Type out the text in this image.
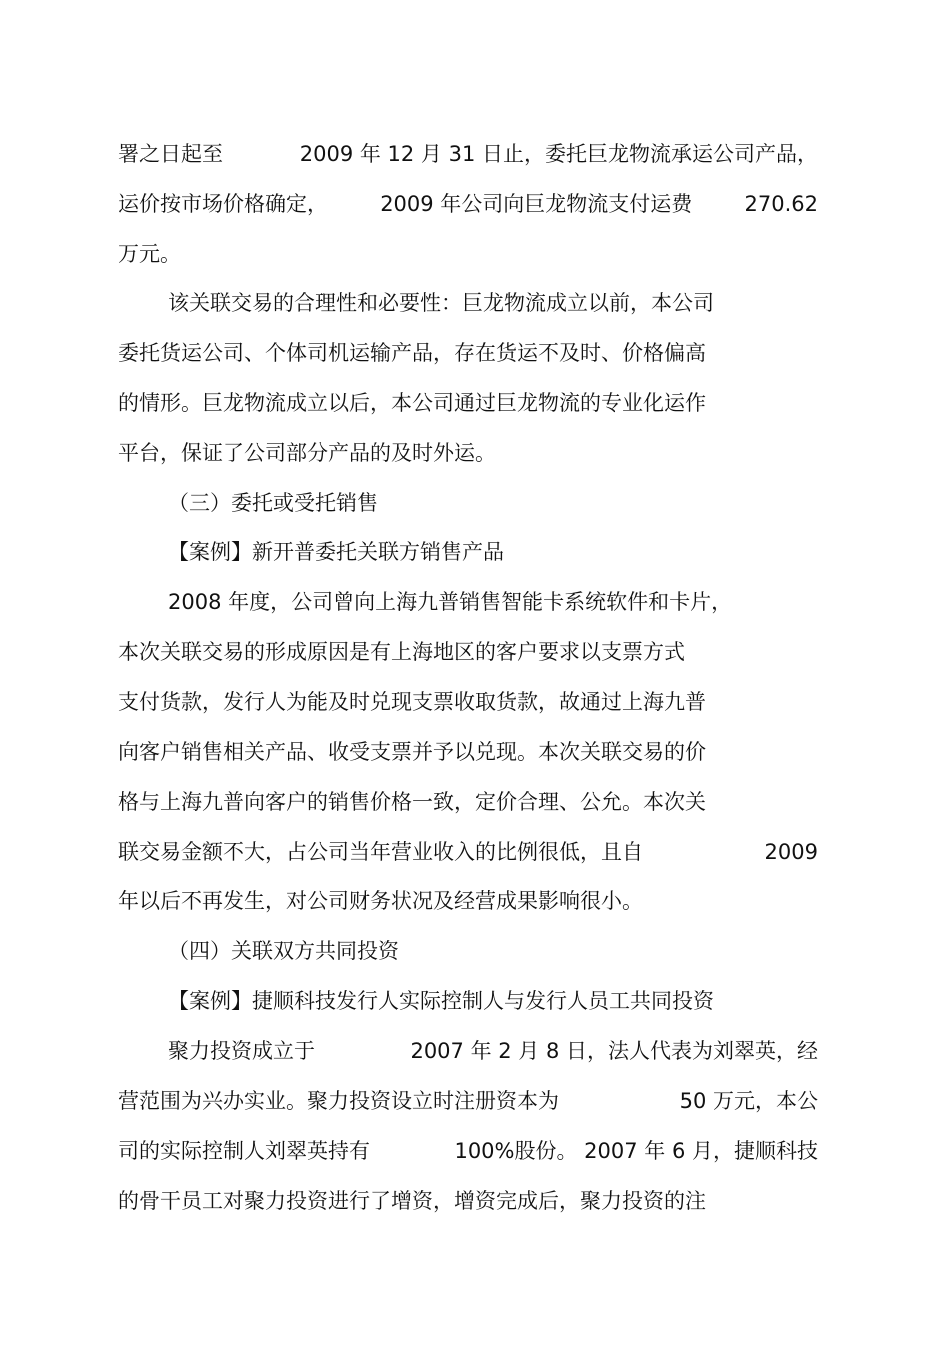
署之日起至	2009 年 12 月 31 日止，委托巨龙物流承运公司产品，
运价按市场价格确定， 2009 年公司向巨龙物流支付运费 270.62
万元。
该关联交易的合理性和必要性：巨龙物流成立以前，本公司
委托货运公司、个体司机运输产品，存在货运不及时、价格偏高
的情形。巨龙物流成立以后，本公司通过巨龙物流的专业化运作
平台，保证了公司部分产品的及时外运。
（三）委托或受托销售
【案例】新开普委托关联方销售产品
2008 年度，公司曾向上海九普销售智能卡系统软件和卡片，
本次关联交易的形成原因是有上海地区的客户要求以支票方式
支付货款，发行人为能及时兑现支票收取货款，故通过上海九普
向客户销售相关产品、收受支票并予以兑现。本次关联交易的价
格与上海九普向客户的销售价格一致，定价合理、公允。本次关
联交易金额不大，占公司当年营业收入的比例很低，且自	2009
年以后不再发生，对公司财务状况及经营成果影响很小。
（四）关联双方共同投资
【案例】捷顺科技发行人实际控制人与发行人员工共同投资
聚力投资成立于	2007 年 2 月 8 日，法人代表为刘翠英，经
营范围为兴办实业。聚力投资设立时注册资本为	50 万元，本公
司的实际控制人刘翠英持有	100%股份。 2007 年 6 月，捷顺科技
的骨干员工对聚力投资进行了增资，增资完成后，聚力投资的注
